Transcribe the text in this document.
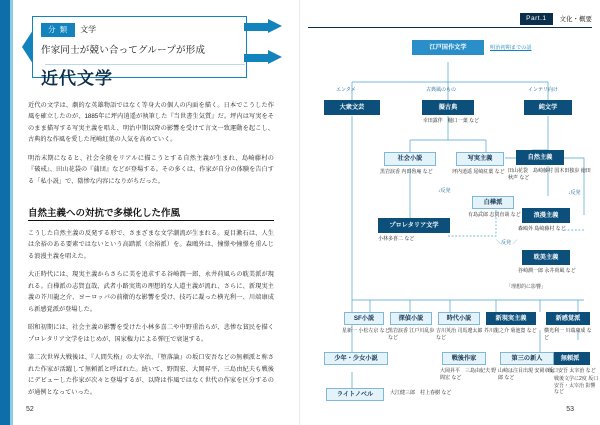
分 類 文学
作家同士が競い合ってグループが形成
近代文学

近代の文学は、劇的な英雄物語ではなく等身大の個人の内面を描く。日本でこうした作風を確立したのが、1885年に坪内逍遥が執筆した『当世書生気質』だ。坪内は写実をそのまま描写する写実主義を唱え、明治中期以降の影響を受けて言文一致運動を起こし、古典的な作風を愛した尾崎紅葉の人気を高めていく。

明治末期になると、社会全般をリアルに描こうとする自然主義が生まれ、島崎藤村の『破戒』、田山花袋の『蒲団』などが登場する。その多くは、作家が自分の体験を告白する「私小説」で、陰惨な内容になりがちだった。

自然主義への対抗で多様化した作風

こうした自然主義の反発する形で、さまざまな文学潮流が生まれる。夏目漱石は、人生は余裕のある要素ではないという高踏派（余裕派）を。森鴎外は、憧憬や憧憬を重んじる浪漫主義を唱えた。

大正時代には、現実主義からさらに美を追求する谷崎潤一郎、永井荷風らの耽美派が現れる。白樺派の志賀直哉、武者小路実篤の理想的な人道主義が流れ、さらに、新現実主義の芥川龍之介、ヨーロッパの前衛的な影響を受け、技巧に凝った横光利一、川端康成ら新感覚派が登場した。

昭和初期には、社会主義の影響を受けた小林多喜二や中野重治らが、悲惨な貧民を描くプロレタリア文学をはじめが、国家権力による弾圧で衰退する。

第二次世界大戦後は、『人間失格』の太宰治、『堕落論』の坂口安吾などの無頼派と称された作家が活躍して無頼派と呼ばれた。続いて、野間宏、大岡昇平、三島由紀夫も戦後にデビューした作家が次々と登場するが、以降は作風ではなく世代の作家を区分するのが通例となっていった。

52
Part.1	文化・概要
江戸国作文学	明治初期までの話
エンタメ	古典風のもの	インテリ向け
大衆文芸	擬古典
幸田露伴　樋口一葉 など
純文学
社会小説
黒岩涙香 内田魯庵 など
写実主義
坪内逍遥 尾崎紅葉 など
自然主義
田山花袋　島崎藤村 国木田独歩 徳田秋声 など
浪漫主義
森鴎外 島崎藤村 など
白樺派
有島武郎 志賀直哉 など
耽美主義
谷崎潤一郎 永井荷風 など
プロレタリア文学
小林多喜二 など
SF小説
星新一 小松左京 など
探偵小説
黒岩涙香 江戸川乱歩 など
時代小説
吉川英治 司馬遼太郎 など
新現実主義
芥川龍之介 菊池寛 など
新感覚派
横光利一 川端康成 など
無頼派
坂口安吾 太宰治 など
少年・少女小説	戦後作家
大岡昇平　三島由紀夫 野間宏 など
ライトノベル	大江健三郎　村上春樹 など
第三の新人
山崎は注目出現 安岡章太郎 など
↓反発	↓反発
＼反発 ／
「理想的に影響」
戦後文学に2度 坂口安吾・太宰治 影響 など
53
